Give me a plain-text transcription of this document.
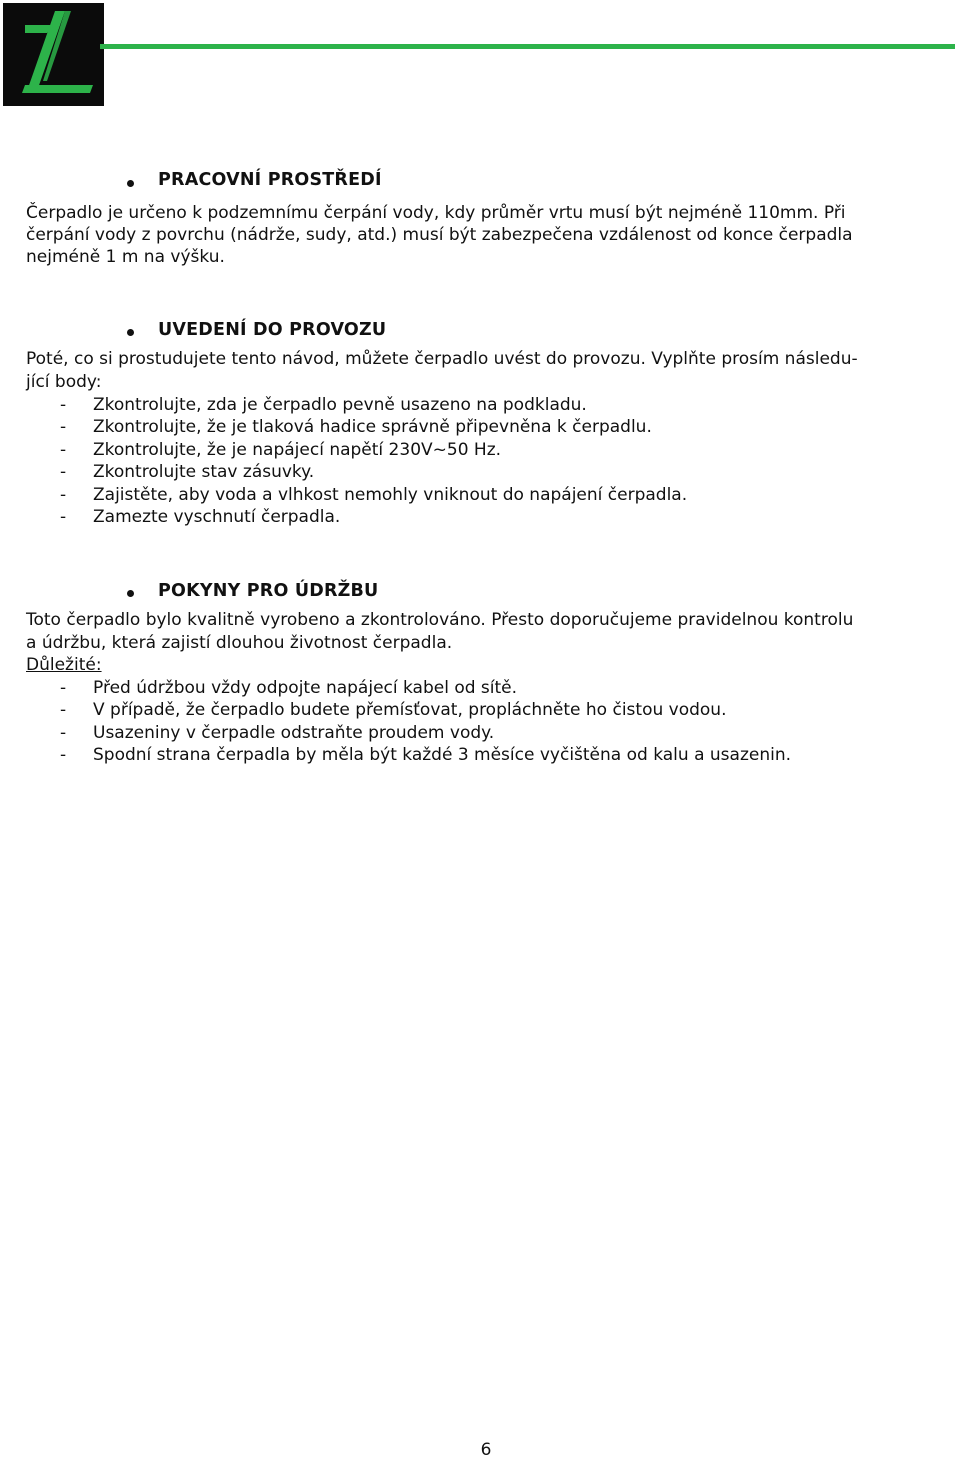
PRACOVNÍ PROSTŘEDÍ
Čerpadlo je určeno k podzemnímu čerpání vody, kdy průměr vrtu musí být nejméně 110mm. Při
čerpání vody z povrchu (nádrže, sudy, atd.) musí být zabezpečena vzdálenost od konce čerpadla
nejméně 1 m na výšku.
UVEDENÍ DO PROVOZU
Poté, co si prostudujete tento návod, můžete čerpadlo uvést do provozu. Vyplňte prosím následu-
jící body:
- Zkontrolujte, zda je čerpadlo pevně usazeno na podkladu.
- Zkontrolujte, že je tlaková hadice správně připevněna k čerpadlu.
- Zkontrolujte, že je napájecí napětí 230V~50 Hz.
- Zkontrolujte stav zásuvky.
- Zajistěte, aby voda a vlhkost nemohly vniknout do napájení čerpadla.
- Zamezte vyschnutí čerpadla.
POKYNY PRO ÚDRŽBU
Toto čerpadlo bylo kvalitně vyrobeno a zkontrolováno. Přesto doporučujeme pravidelnou kontrolu
a údržbu, která zajistí dlouhou životnost čerpadla.
Důležité:
- Před údržbou vždy odpojte napájecí kabel od sítě.
- V případě, že čerpadlo budete přemísťovat, propláchněte ho čistou vodou.
- Usazeniny v čerpadle odstraňte proudem vody.
- Spodní strana čerpadla by měla být každé 3 měsíce vyčištěna od kalu a usazenin.
6
